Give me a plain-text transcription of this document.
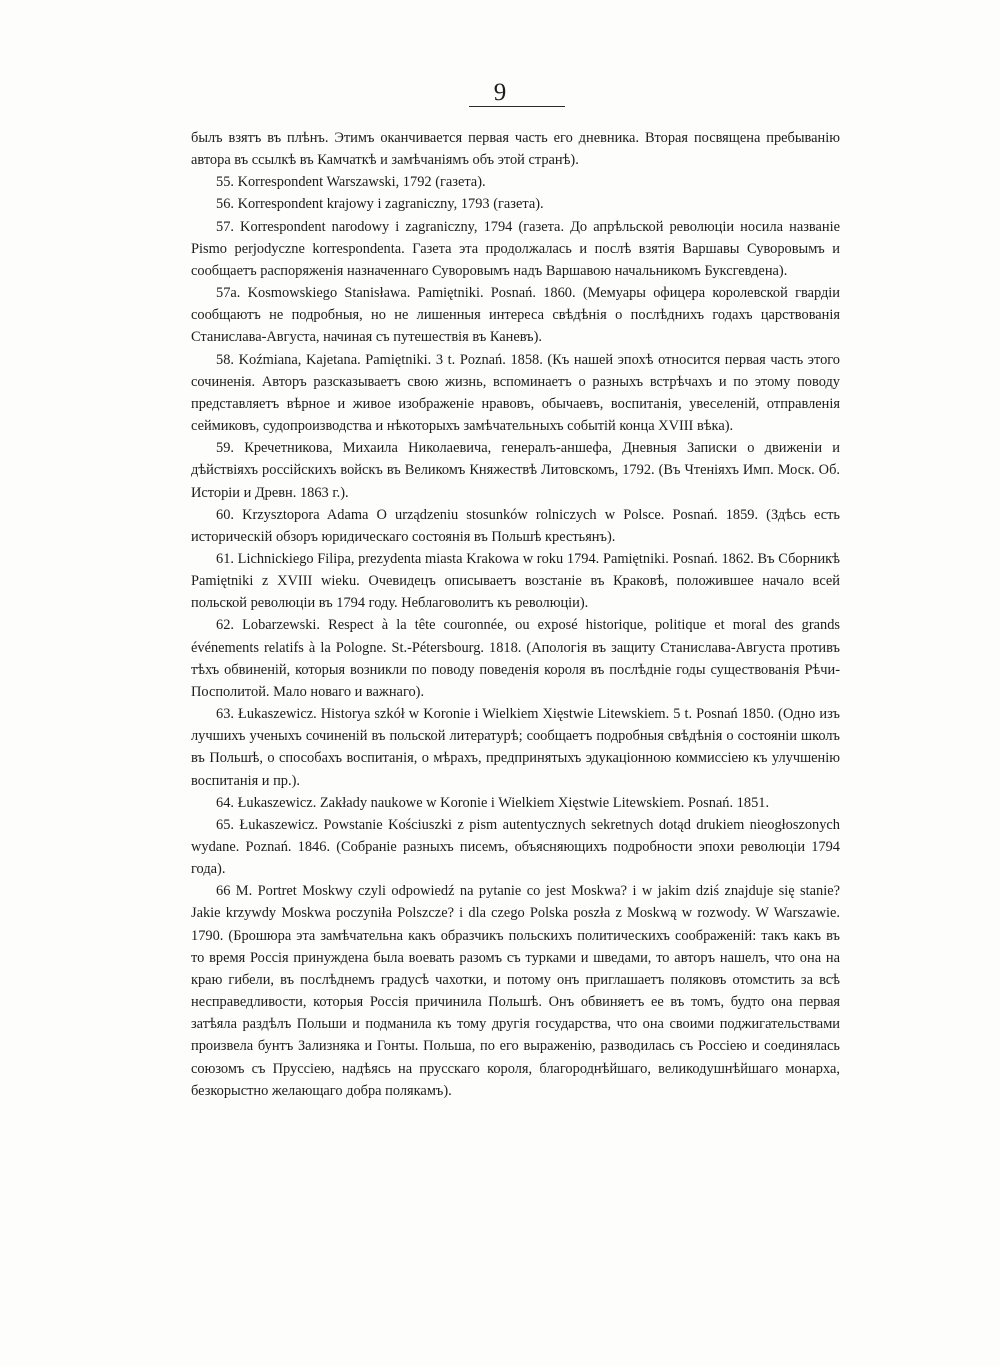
9

былъ взятъ въ плѣнъ. Этимъ оканчивается первая часть его дневника. Вторая посвящена пребыванію автора въ ссылкѣ въ Камчаткѣ и замѣчаніямъ объ этой странѣ).

55. Korrespondent Warszawski, 1792 (газета).

56. Korrespondent krajowy i zagraniczny, 1793 (газета).

57. Korrespondent narodowy i zagraniczny, 1794 (газета. До апрѣльской революціи носила названіе Pismo perjodyczne korrespondenta. Газета эта продолжалась и послѣ взятія Варшавы Суворовымъ и сообщаетъ распоряженія назначеннаго Суворовымъ надъ Варшавою начальникомъ Буксгевдена).

57а. Kosmowskiego Stanisława. Pamiętniki. Posnań. 1860. (Мемуары офицера королевской гвардіи сообщаютъ не подробныя, но не лишенныя интереса свѣдѣнія о послѣднихъ годахъ царствованія Станислава-Августа, начиная съ путешествія въ Каневъ).

58. Koźmiana, Kajetana. Pamiętniki. 3 t. Poznań. 1858. (Къ нашей эпохѣ относится первая часть этого сочиненія. Авторъ разсказываетъ свою жизнь, вспоминаетъ о разныхъ встрѣчахъ и по этому поводу представляетъ вѣрное и живое изображеніе нравовъ, обычаевъ, воспитанія, увеселеній, отправленія сеймиковъ, судопроизводства и нѣкоторыхъ замѣчательныхъ событій конца XVIII вѣка).

59. Кречетникова, Михаила Николаевича, генералъ-аншефа, Дневныя Записки о движеніи и дѣйствіяхъ россійскихъ войскъ въ Великомъ Княжествѣ Литовскомъ, 1792. (Въ Чтеніяхъ Имп. Моск. Об. Исторіи и Древн. 1863 г.).

60. Krzysztopora Adama O urządzeniu stosunków rolniczych w Polsce. Posnań. 1859. (Здѣсь есть историческій обзоръ юридическаго состоянія въ Польшѣ крестьянъ).

61. Lichnickiego Filipa, prezydenta miasta Krakowa w roku 1794. Pamiętniki. Posnań. 1862. Въ Сборникѣ Pamiętniki z XVIII wieku. Очевидецъ описываетъ возстаніе въ Краковѣ, положившее начало всей польской революціи въ 1794 году. Неблаговолитъ къ революціи).

62. Lobarzewski. Respect à la tête couronnée, ou exposé historique, politique et moral des grands événements relatifs à la Pologne. St.-Pétersbourg. 1818. (Апологія въ защиту Станислава-Августа противъ тѣхъ обвиненій, которыя возникли по поводу поведенія короля въ послѣдніе годы существованія Рѣчи-Посполитой. Мало новаго и важнаго).

63. Łukaszewicz. Historya szkół w Koronie i Wielkiem Xięstwie Litewskiem. 5 t. Posnań 1850. (Одно изъ лучшихъ ученыхъ сочиненій въ польской литературѣ; сообщаетъ подробныя свѣдѣнія о состояніи школъ въ Польшѣ, о способахъ воспитанія, о мѣрахъ, предпринятыхъ эдукаціонною коммиссіею къ улучшенію воспитанія и пр.).

64. Łukaszewicz. Zakłady naukowe w Koronie i Wielkiem Xięstwie Litewskiem. Posnań. 1851.

65. Łukaszewicz. Powstanie Kościuszki z pism autentycznych sekretnych dotąd drukiem nieogłoszonych wydane. Poznań. 1846. (Собраніе разныхъ писемъ, объясняющихъ подробности эпохи революціи 1794 года).

66 M. Portret Moskwy czyli odpowiedź na pytanie co jest Moskwa? i w jakim dziś znajduje się stanie? Jakie krzywdy Moskwa poczyniła Polszcze? i dla czego Polska poszła z Moskwą w rozwody. W Warszawie. 1790. (Брошюра эта замѣчательна какъ образчикъ польскихъ политическихъ соображеній: такъ какъ въ то время Россія принуждена была воевать разомъ съ турками и шведами, то авторъ нашелъ, что она на краю гибели, въ послѣднемъ градусѣ чахотки, и потому онъ приглашаетъ поляковъ отомстить за всѣ несправедливости, которыя Россія причинила Польшѣ. Онъ обвиняетъ ее въ томъ, будто она первая затѣяла раздѣлъ Польши и подманила къ тому другія государства, что она своими поджигательствами произвела бунтъ Зализняка и Гонты. Польша, по его выраженію, разводилась съ Россіею и соединялась союзомъ съ Пруссіею, надѣясь на прусскаго короля, благороднѣйшаго, великодушнѣйшаго монарха, безкорыстно желающаго добра полякамъ).
